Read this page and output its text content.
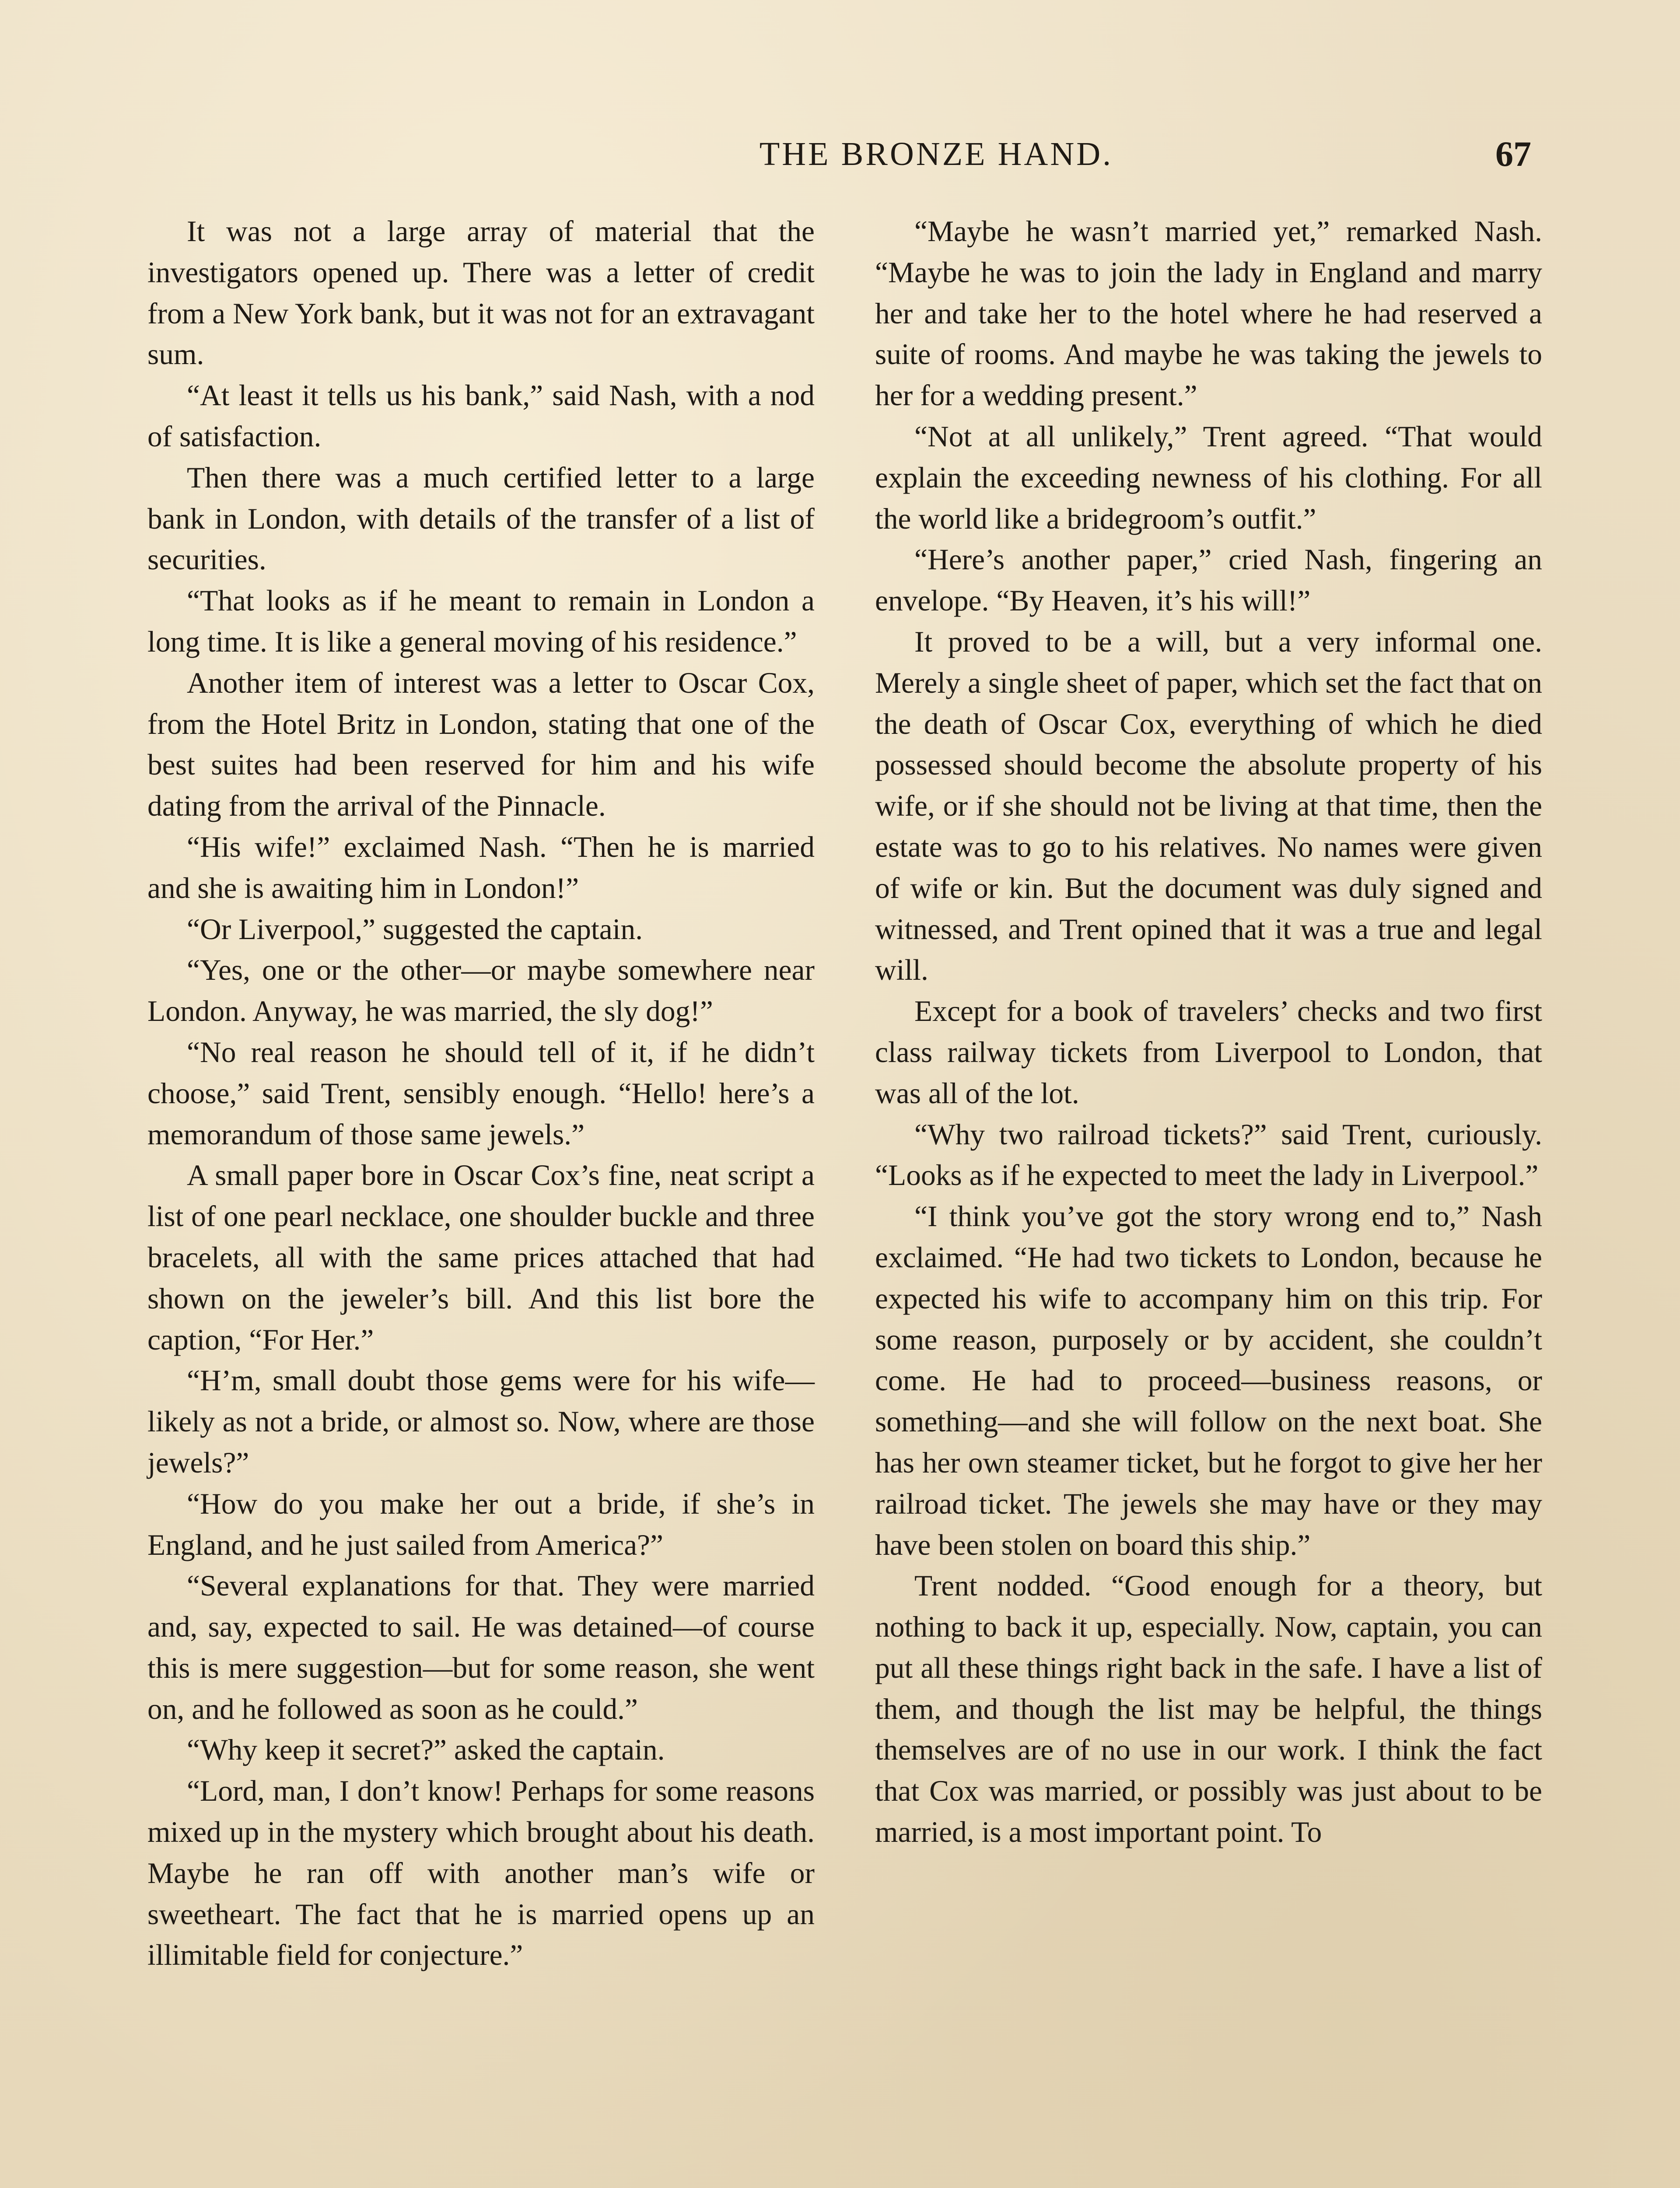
THE BRONZE HAND.	67

It was not a large array of material that the investigators opened up. There was a letter of credit from a New York bank, but it was not for an extravagant sum.

“At least it tells us his bank,” said Nash, with a nod of satisfaction.

Then there was a much certified letter to a large bank in London, with details of the transfer of a list of securities.

“That looks as if he meant to remain in London a long time. It is like a general moving of his residence.”

Another item of interest was a letter to Oscar Cox, from the Hotel Britz in London, stating that one of the best suites had been reserved for him and his wife dating from the arrival of the Pinnacle.

“His wife!” exclaimed Nash. “Then he is married and she is awaiting him in London!”

“Or Liverpool,” suggested the captain.

“Yes, one or the other—or maybe somewhere near London. Anyway, he was married, the sly dog!”

“No real reason he should tell of it, if he didn’t choose,” said Trent, sensibly enough. “Hello! here’s a memorandum of those same jewels.”

A small paper bore in Oscar Cox’s fine, neat script a list of one pearl necklace, one shoulder buckle and three bracelets, all with the same prices attached that had shown on the jeweler’s bill. And this list bore the caption, “For Her.”

“H’m, small doubt those gems were for his wife—likely as not a bride, or almost so. Now, where are those jewels?”

“How do you make her out a bride, if she’s in England, and he just sailed from America?”

“Several explanations for that. They were married and, say, expected to sail. He was detained—of course this is mere suggestion—but for some reason, she went on, and he followed as soon as he could.”

“Why keep it secret?” asked the captain.

“Lord, man, I don’t know! Perhaps for some reasons mixed up in the mystery which brought about his death. Maybe he ran off with another man’s wife or sweetheart. The fact that he is married opens up an illimitable field for conjecture.”

“Maybe he wasn’t married yet,” remarked Nash. “Maybe he was to join the lady in England and marry her and take her to the hotel where he had reserved a suite of rooms. And maybe he was taking the jewels to her for a wedding present.”

“Not at all unlikely,” Trent agreed. “That would explain the exceeding newness of his clothing. For all the world like a bridegroom’s outfit.”

“Here’s another paper,” cried Nash, fingering an envelope. “By Heaven, it’s his will!”

It proved to be a will, but a very informal one. Merely a single sheet of paper, which set the fact that on the death of Oscar Cox, everything of which he died possessed should become the absolute property of his wife, or if she should not be living at that time, then the estate was to go to his relatives. No names were given of wife or kin. But the document was duly signed and witnessed, and Trent opined that it was a true and legal will.

Except for a book of travelers’ checks and two first class railway tickets from Liverpool to London, that was all of the lot.

“Why two railroad tickets?” said Trent, curiously. “Looks as if he expected to meet the lady in Liverpool.”

“I think you’ve got the story wrong end to,” Nash exclaimed. “He had two tickets to London, because he expected his wife to accompany him on this trip. For some reason, purposely or by accident, she couldn’t come. He had to proceed—business reasons, or something—and she will follow on the next boat. She has her own steamer ticket, but he forgot to give her her railroad ticket. The jewels she may have or they may have been stolen on board this ship.”

Trent nodded. “Good enough for a theory, but nothing to back it up, especially. Now, captain, you can put all these things right back in the safe. I have a list of them, and though the list may be helpful, the things themselves are of no use in our work. I think the fact that Cox was married, or possibly was just about to be married, is a most important point. To
